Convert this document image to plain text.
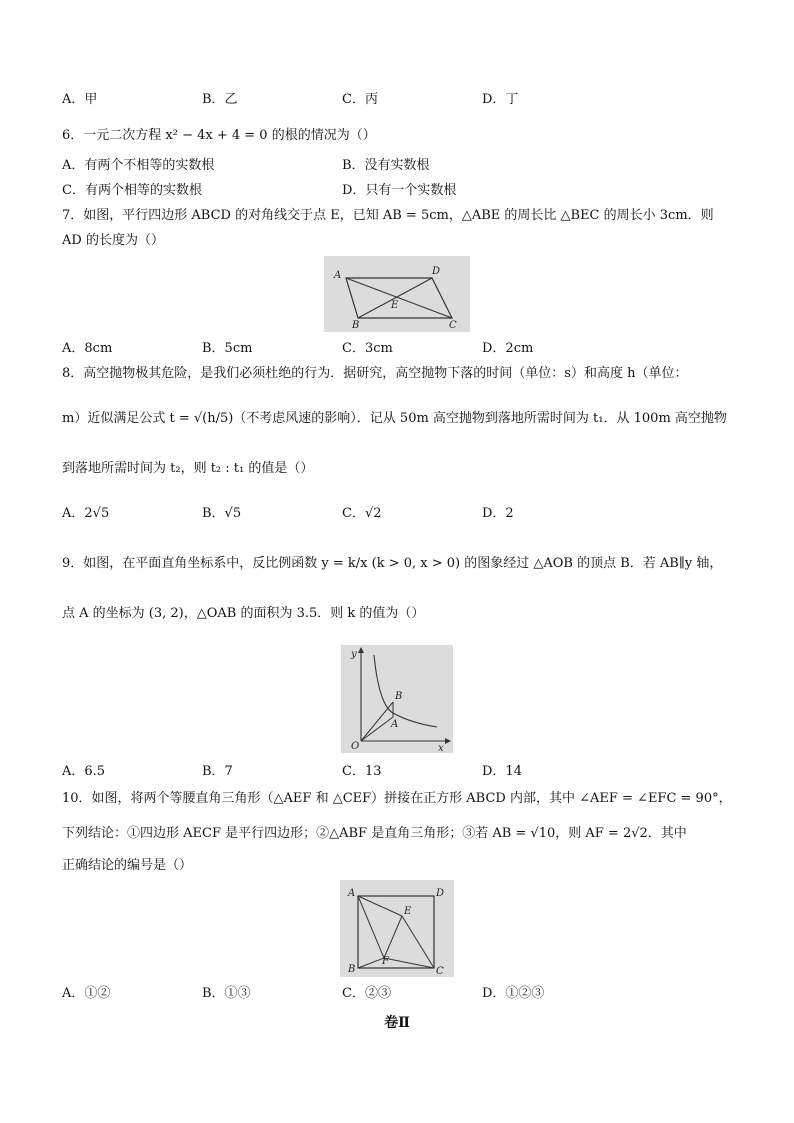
A．甲	B．乙	C．丙	D．丁
6．一元二次方程 x² − 4x + 4 = 0 的根的情况为（）
A．有两个不相等的实数根	B．没有实数根
C．有两个相等的实数根	D．只有一个实数根
7．如图，平行四边形 ABCD 的对角线交于点 E，已知 AB = 5cm，△ABE 的周长比 △BEC 的周长小 3cm．则
AD 的长度为（）
A	D
E
B	C
A．8cm	B．5cm	C．3cm	D．2cm
8．高空抛物极其危险，是我们必须杜绝的行为．据研究，高空抛物下落的时间（单位：s）和高度 h（单位：
m）近似满足公式 t = √(h/5)（不考虑风速的影响）．记从 50m 高空抛物到落地所需时间为 t₁．从 100m 高空抛物
到落地所需时间为 t₂，则 t₂ : t₁ 的值是（）
A．2√5	B．√5	C．√2	D．2
9．如图，在平面直角坐标系中，反比例函数 y = k/x (k > 0, x > 0) 的图象经过 △AOB 的顶点 B．若 AB∥y 轴，
点 A 的坐标为 (3, 2)，△OAB 的面积为 3.5．则 k 的值为（）
y
B
A
O	x
A．6.5	B．7	C．13	D．14
10．如图，将两个等腰直角三角形（△AEF 和 △CEF）拼接在正方形 ABCD 内部，其中 ∠AEF = ∠EFC = 90°，
下列结论：①四边形 AECF 是平行四边形；②△ABF 是直角三角形；③若 AB = √10，则 AF = 2√2．其中
正确结论的编号是（）
A	D
E
F
B	C
A．①②	B．①③	C．②③	D．①②③
卷Ⅱ
